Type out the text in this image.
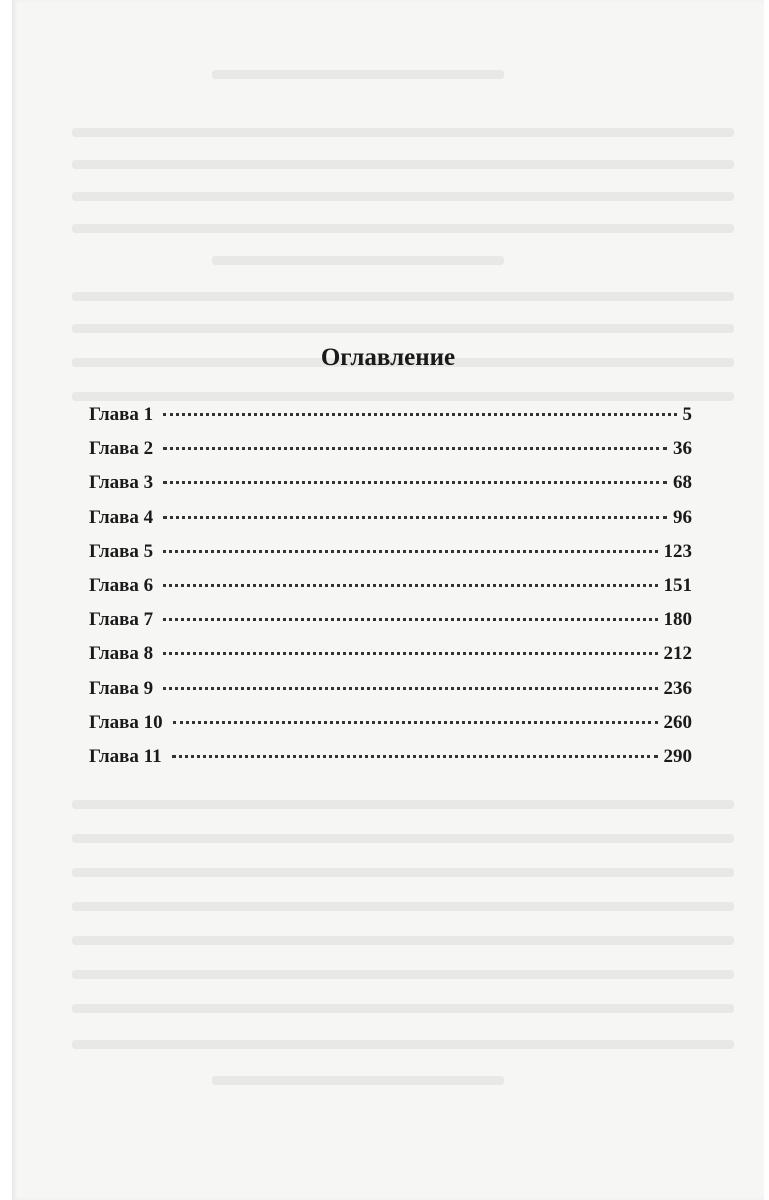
Оглавление
Глава 1	5
Глава 2	36
Глава 3	68
Глава 4	96
Глава 5	123
Глава 6	151
Глава 7	180
Глава 8	212
Глава 9	236
Глава 10	260
Глава 11	290
